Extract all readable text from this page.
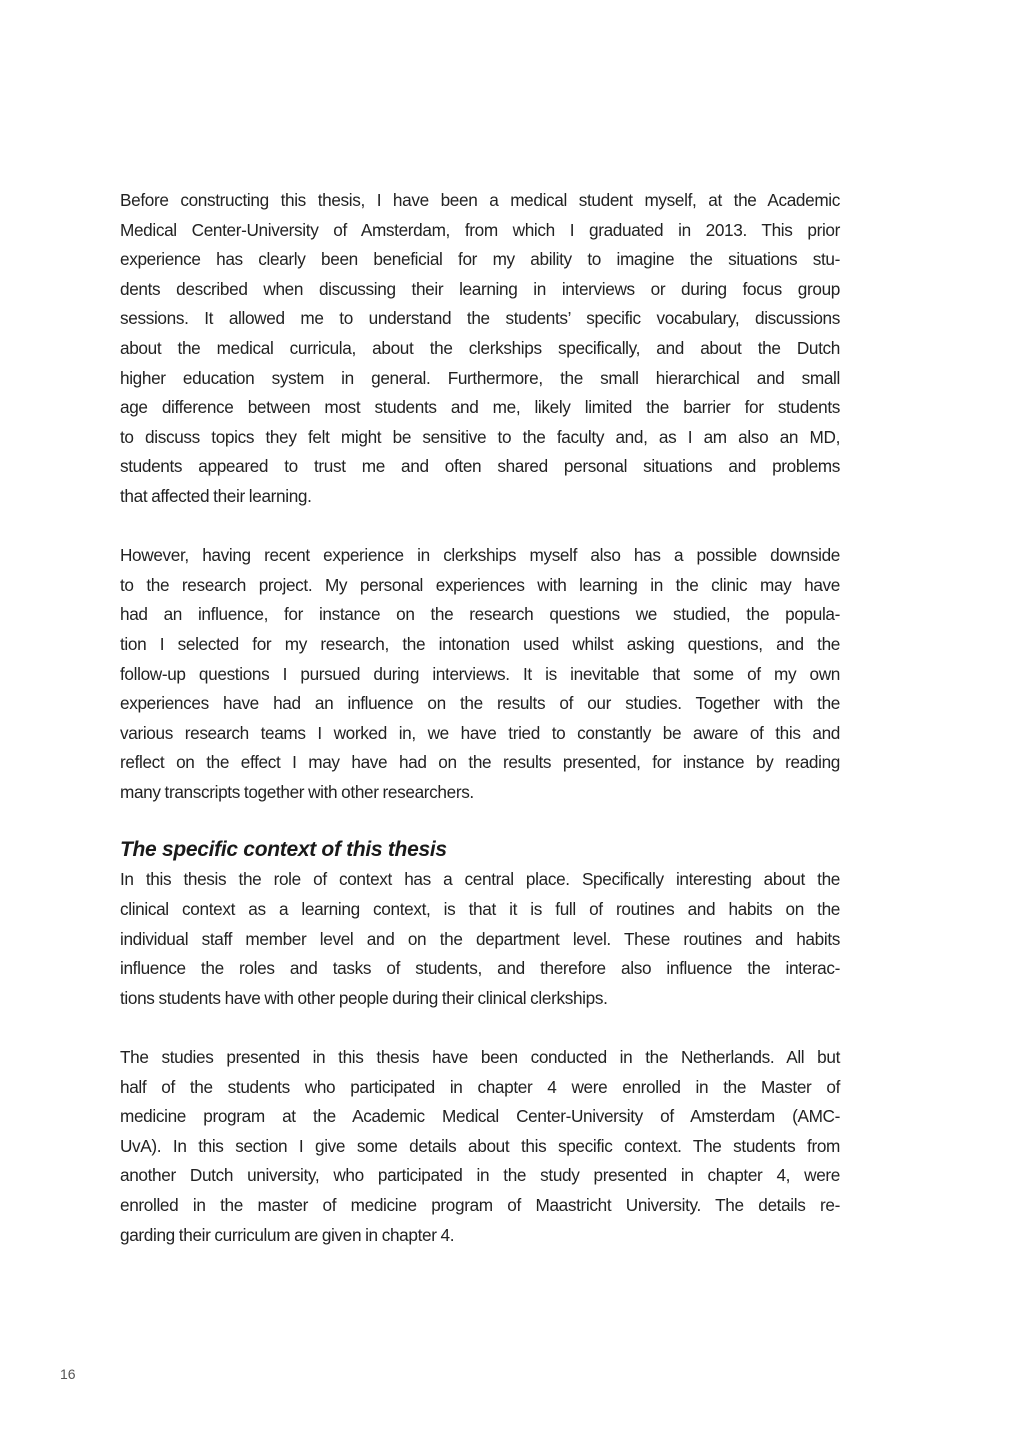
Before constructing this thesis, I have been a medical student myself, at the Academic
Medical Center-University of Amsterdam, from which I graduated in 2013. This prior
experience has clearly been beneficial for my ability to imagine the situations stu-
dents described when discussing their learning in interviews or during focus group
sessions. It allowed me to understand the students’ specific vocabulary, discussions
about the medical curricula, about the clerkships specifically, and about the Dutch
higher education system in general. Furthermore, the small hierarchical and small
age difference between most students and me, likely limited the barrier for students
to discuss topics they felt might be sensitive to the faculty and, as I am also an MD,
students appeared to trust me and often shared personal situations and problems
that affected their learning.

However, having recent experience in clerkships myself also has a possible downside
to the research project. My personal experiences with learning in the clinic may have
had an influence, for instance on the research questions we studied, the popula-
tion I selected for my research, the intonation used whilst asking questions, and the
follow-up questions I pursued during interviews. It is inevitable that some of my own
experiences have had an influence on the results of our studies. Together with the
various research teams I worked in, we have tried to constantly be aware of this and
reflect on the effect I may have had on the results presented, for instance by reading
many transcripts together with other researchers.

The specific context of this thesis

In this thesis the role of context has a central place. Specifically interesting about the
clinical context as a learning context, is that it is full of routines and habits on the
individual staff member level and on the department level. These routines and habits
influence the roles and tasks of students, and therefore also influence the interac-
tions students have with other people during their clinical clerkships.

The studies presented in this thesis have been conducted in the Netherlands. All but
half of the students who participated in chapter 4 were enrolled in the Master of
medicine program at the Academic Medical Center-University of Amsterdam (AMC-
UvA). In this section I give some details about this specific context. The students from
another Dutch university, who participated in the study presented in chapter 4, were
enrolled in the master of medicine program of Maastricht University. The details re-
garding their curriculum are given in chapter 4.

16
